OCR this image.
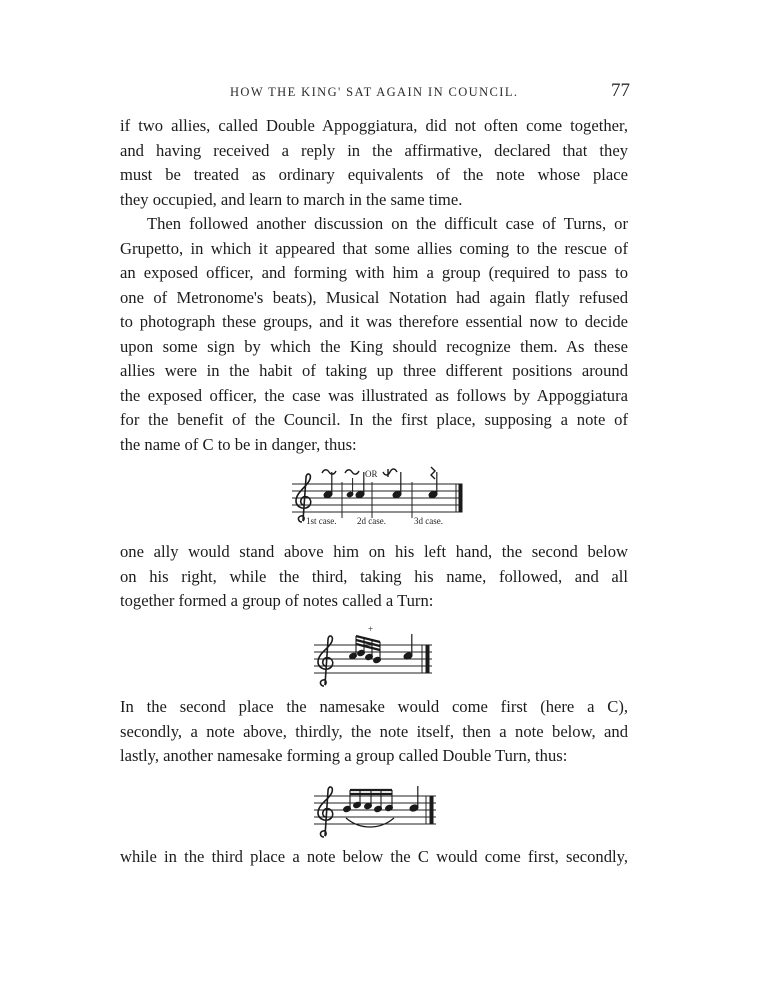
HOW THE KING' SAT AGAIN IN COUNCIL.	77
if two allies, called Double Appoggiatura, did not often come together,
and having received a reply in the affirmative, declared that they
must be treated as ordinary equivalents of the note whose place
they occupied, and learn to march in the same time.
Then followed another discussion on the difficult case of Turns, or
Grupetto, in which it appeared that some allies coming to the rescue of
an exposed officer, and forming with him a group (required to pass to
one of Metronome's beats), Musical Notation had again flatly refused
to photograph these groups, and it was therefore essential now to decide
upon some sign by which the King should recognize them. As these
allies were in the habit of taking up three different positions around
the exposed officer, the case was illustrated as follows by Appoggiatura
for the benefit of the Council. In the first place, supposing a note of
the name of C to be in danger, thus:
OR
1st case. 2d case.	3d case.
one ally would stand above him on his left hand, the second below
on his right, while the third, taking his name, followed, and all
together formed a group of notes called a Turn:
+
In the second place the namesake would come first (here a C),
secondly, a note above, thirdly, the note itself, then a note below, and
lastly, another namesake forming a group called Double Turn, thus:
while in the third place a note below the C would come first, secondly,
